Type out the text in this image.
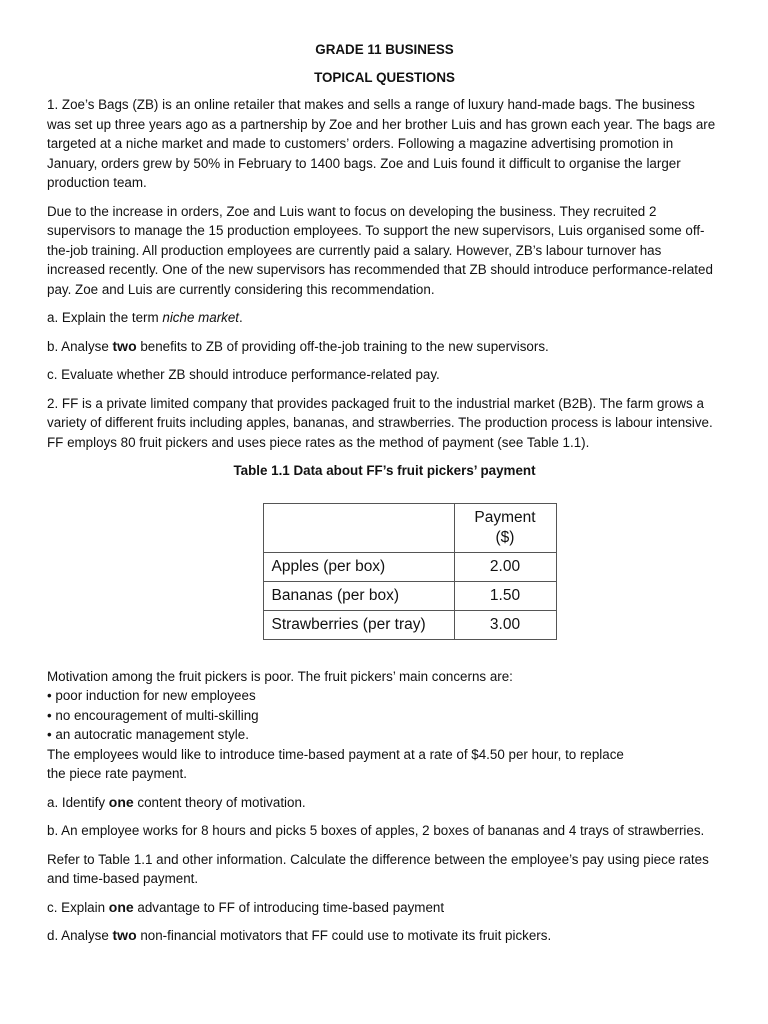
GRADE 11 BUSINESS

TOPICAL QUESTIONS

1. Zoe’s Bags (ZB) is an online retailer that makes and sells a range of luxury hand-made bags. The business was set up three years ago as a partnership by Zoe and her brother Luis and has grown each year. The bags are targeted at a niche market and made to customers’ orders. Following a magazine advertising promotion in January, orders grew by 50% in February to 1400 bags. Zoe and Luis found it difficult to organise the larger production team.

Due to the increase in orders, Zoe and Luis want to focus on developing the business. They recruited 2 supervisors to manage the 15 production employees. To support the new supervisors, Luis organised some off-the-job training. All production employees are currently paid a salary. However, ZB’s labour turnover has increased recently. One of the new supervisors has recommended that ZB should introduce performance-related pay. Zoe and Luis are currently considering this recommendation.

a. Explain the term niche market.

b. Analyse two benefits to ZB of providing off-the-job training to the new supervisors.

c. Evaluate whether ZB should introduce performance-related pay.

2. FF is a private limited company that provides packaged fruit to the industrial market (B2B). The farm grows a variety of different fruits including apples, bananas, and strawberries. The production process is labour intensive. FF employs 80 fruit pickers and uses piece rates as the method of payment (see Table 1.1).

Table 1.1 Data about FF’s fruit pickers’ payment

	Payment
($)

Apples (per box)	2.00
Bananas (per box)	1.50
Strawberries (per tray)	3.00

Motivation among the fruit pickers is poor. The fruit pickers’ main concerns are:

• poor induction for new employees
• no encouragement of multi-skilling
• an autocratic management style.

The employees would like to introduce time-based payment at a rate of $4.50 per hour, to replace

the piece rate payment.

a. Identify one content theory of motivation.

b. An employee works for 8 hours and picks 5 boxes of apples, 2 boxes of bananas and 4 trays of strawberries.

Refer to Table 1.1 and other information. Calculate the difference between the employee’s pay using piece rates and time-based payment.

c. Explain one advantage to FF of introducing time-based payment

d. Analyse two non-financial motivators that FF could use to motivate its fruit pickers.
